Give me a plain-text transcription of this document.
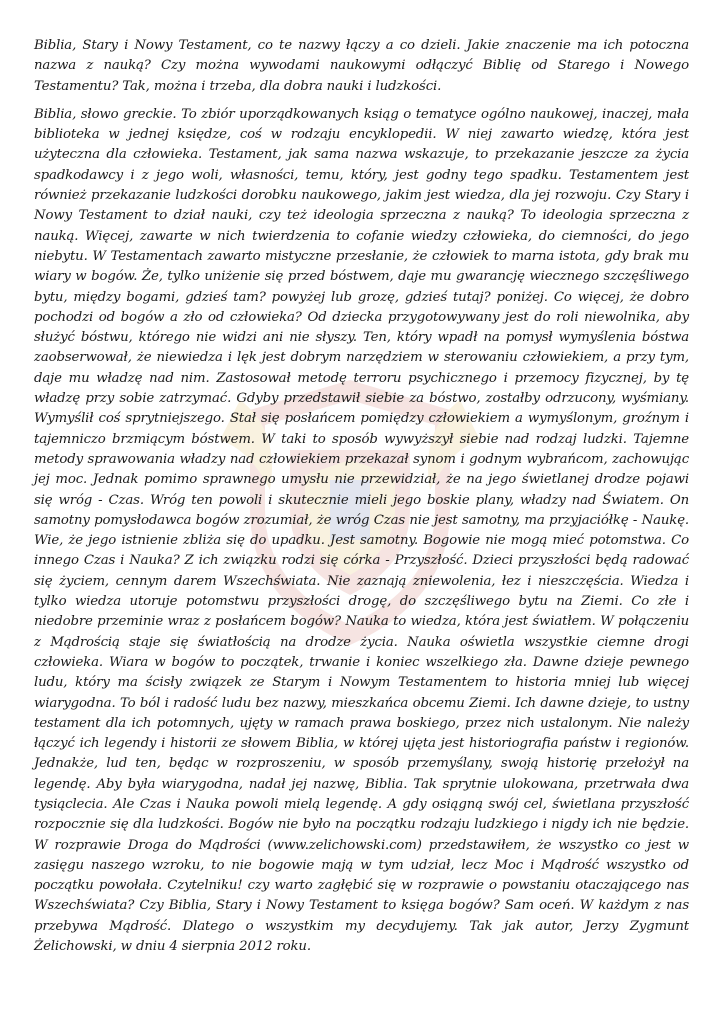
Biblia, Stary i Nowy Testament, co te nazwy łączy a co dzieli. Jakie znaczenie ma ich potoczna nazwa z nauką? Czy można wywodami naukowymi odłączyć Biblię od Starego i Nowego Testamentu? Tak, można i trzeba, dla dobra nauki i ludzkości.

Biblia, słowo greckie. To zbiór uporządkowanych ksiąg o tematyce ogólno naukowej, inaczej, mała biblioteka w jednej księdze, coś w rodzaju encyklopedii. W niej zawarto wiedzę, która jest użyteczna dla człowieka. Testament, jak sama nazwa wskazuje, to przekazanie jeszcze za życia spadkodawcy i z jego woli, własności, temu, który, jest godny tego spadku. Testamentem jest również przekazanie ludzkości dorobku naukowego, jakim jest wiedza, dla jej rozwoju. Czy Stary i Nowy Testament to dział nauki, czy też ideologia sprzeczna z nauką? To ideologia sprzeczna z nauką. Więcej, zawarte w nich twierdzenia to cofanie wiedzy człowieka, do ciemności, do jego niebytu. W Testamentach zawarto mistyczne przesłanie, że człowiek to marna istota, gdy brak mu wiary w bogów. Że, tylko uniżenie się przed bóstwem, daje mu gwarancję wiecznego szczęśliwego bytu, między bogami, gdzieś tam? powyżej lub grozę, gdzieś tutaj? poniżej. Co więcej, że dobro pochodzi od bogów a zło od człowieka? Od dziecka przygotowywany jest do roli niewolnika, aby służyć bóstwu, którego nie widzi ani nie słyszy. Ten, który wpadł na pomysł wymyślenia bóstwa zaobserwował, że niewiedza i lęk jest dobrym narzędziem w sterowaniu człowiekiem, a przy tym, daje mu władzę nad nim. Zastosował metodę terroru psychicznego i przemocy fizycznej, by tę władzę przy sobie zatrzymać. Gdyby przedstawił siebie za bóstwo, zostałby odrzucony, wyśmiany. Wymyślił coś sprytniejszego. Stał się posłańcem pomiędzy człowiekiem a wymyślonym, groźnym i tajemniczo brzmiącym bóstwem. W taki to sposób wywyższył siebie nad rodzaj ludzki. Tajemne metody sprawowania władzy nad człowiekiem przekazał synom i godnym wybrańcom, zachowując jej moc. Jednak pomimo sprawnego umysłu nie przewidział, że na jego świetlanej drodze pojawi się wróg - Czas. Wróg ten powoli i skutecznie mieli jego boskie plany, władzy nad Światem. On samotny pomysłodawca bogów zrozumiał, że wróg Czas nie jest samotny, ma przyjaciółkę - Naukę. Wie, że jego istnienie zbliża się do upadku. Jest samotny. Bogowie nie mogą mieć potomstwa. Co innego Czas i Nauka? Z ich związku rodzi się córka - Przyszłość. Dzieci przyszłości będą radować się życiem, cennym darem Wszechświata. Nie zaznają zniewolenia, łez i nieszczęścia. Wiedza i tylko wiedza utoruje potomstwu przyszłości drogę, do szczęśliwego bytu na Ziemi. Co złe i niedobre przeminie wraz z posłańcem bogów? Nauka to wiedza, która jest światłem. W połączeniu z Mądrością staje się światłością na drodze życia. Nauka oświetla wszystkie ciemne drogi człowieka. Wiara w bogów to początek, trwanie i koniec wszelkiego zła. Dawne dzieje pewnego ludu, który ma ścisły związek ze Starym i Nowym Testamentem to historia mniej lub więcej wiarygodna. To ból i radość ludu bez nazwy, mieszkańca obcemu Ziemi. Ich dawne dzieje, to ustny testament dla ich potomnych, ujęty w ramach prawa boskiego, przez nich ustalonym. Nie należy łączyć ich legendy i historii ze słowem Biblia, w której ujęta jest historiografia państw i regionów. Jednakże, lud ten, będąc w rozproszeniu, w sposób przemyślany, swoją historię przełożył na legendę. Aby była wiarygodna, nadał jej nazwę, Biblia. Tak sprytnie ulokowana, przetrwała dwa tysiąclecia. Ale Czas i Nauka powoli mielą legendę. A gdy osiągną swój cel, świetlana przyszłość rozpocznie się dla ludzkości. Bogów nie było na początku rodzaju ludzkiego i nigdy ich nie będzie. W rozprawie Droga do Mądrości (www.zelichowski.com) przedstawiłem, że wszystko co jest w zasięgu naszego wzroku, to nie bogowie mają w tym udział, lecz Moc i Mądrość wszystko od początku powołała. Czytelniku! czy warto zagłębić się w rozprawie o powstaniu otaczającego nas Wszechświata? Czy Biblia, Stary i Nowy Testament to księga bogów? Sam oceń. W każdym z nas przebywa Mądrość. Dlatego o wszystkim my decydujemy. Tak jak autor, Jerzy Zygmunt Żelichowski, w dniu 4 sierpnia 2012 roku.
